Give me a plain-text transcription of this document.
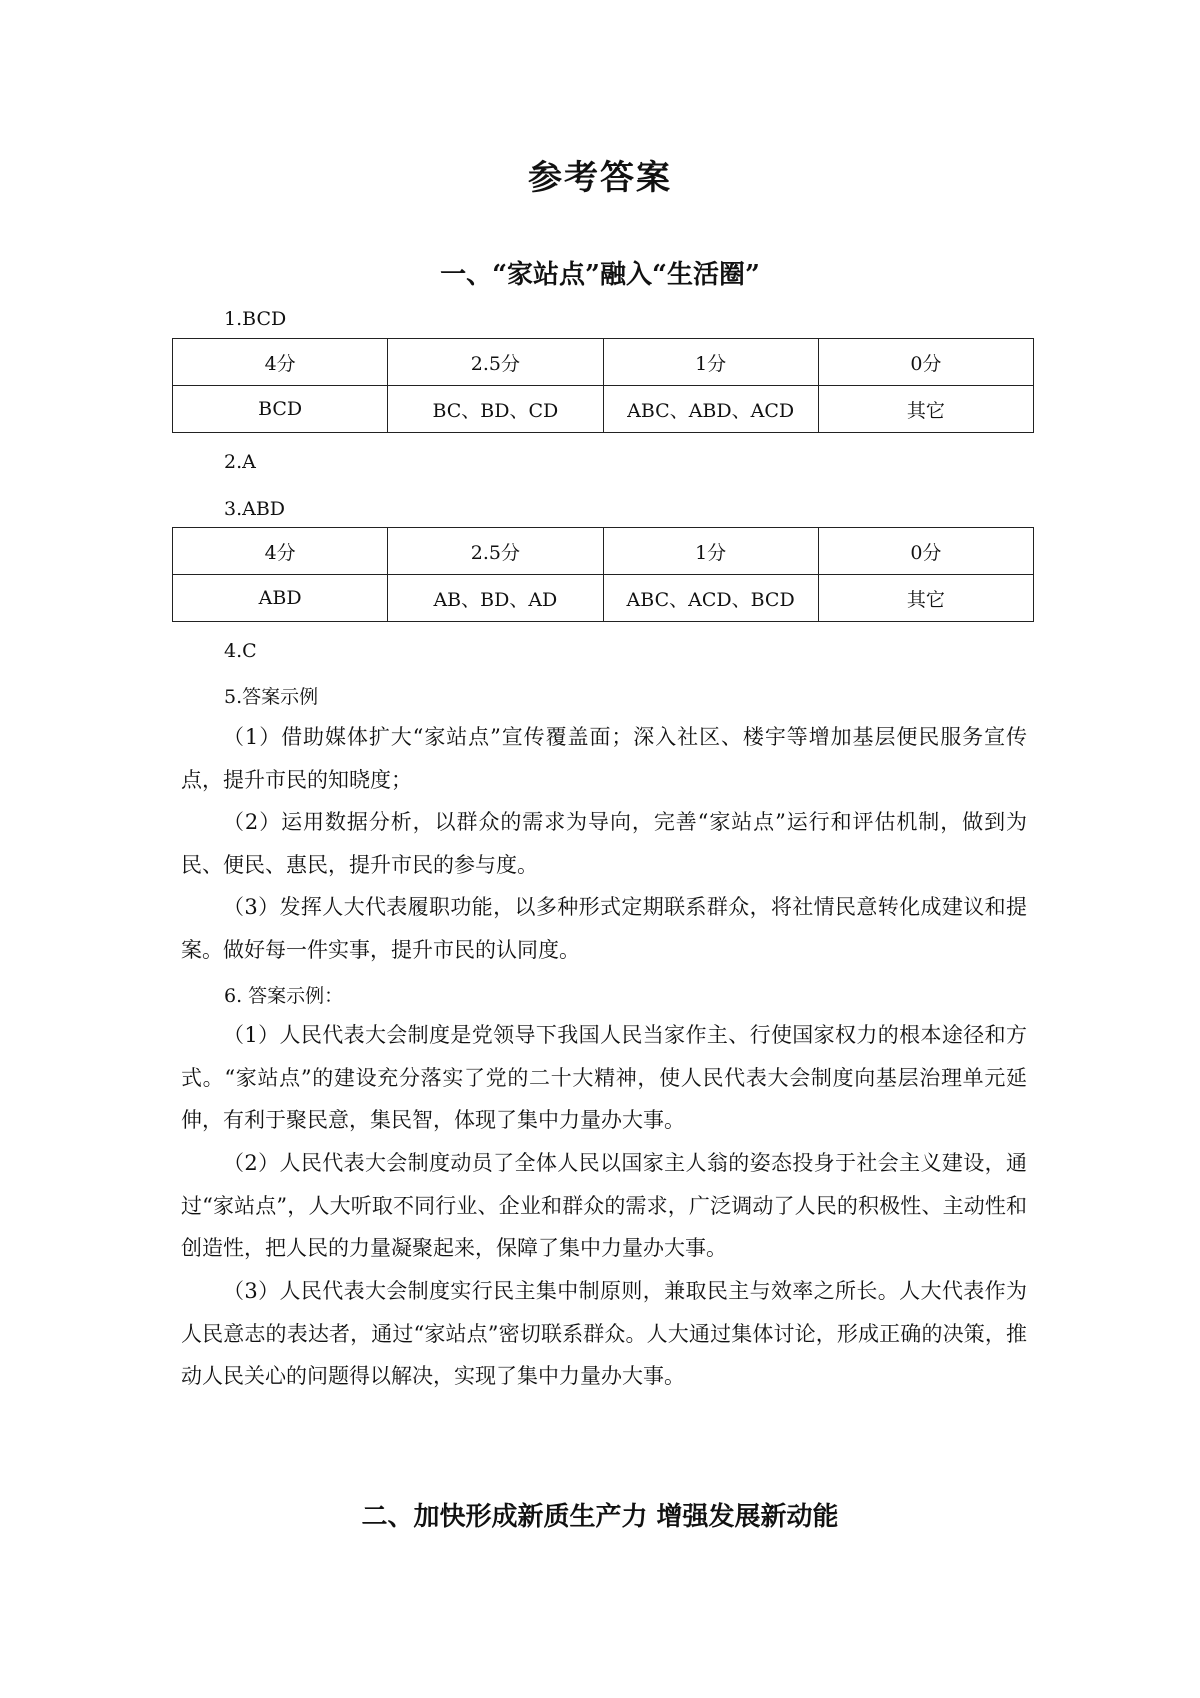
参考答案
一、“家站点”融入“生活圈”
1.BCD
4分	2.5分	1分	0分
BCD	BC、BD、CD	ABC、ABD、ACD	其它
2.A
3.ABD
4分	2.5分	1分	0分
ABD	AB、BD、AD	ABC、ACD、BCD	其它
4.C
5.答案示例
（1）借助媒体扩大“家站点”宣传覆盖面；深入社区、楼宇等增加基层便民服务宣传点，提升市民的知晓度；
（2）运用数据分析，以群众的需求为导向，完善“家站点”运行和评估机制，做到为民、便民、惠民，提升市民的参与度。
（3）发挥人大代表履职功能，以多种形式定期联系群众，将社情民意转化成建议和提案。做好每一件实事，提升市民的认同度。
6. 答案示例：
（1）人民代表大会制度是党领导下我国人民当家作主、行使国家权力的根本途径和方式。“家站点”的建设充分落实了党的二十大精神，使人民代表大会制度向基层治理单元延伸，有利于聚民意，集民智，体现了集中力量办大事。
（2）人民代表大会制度动员了全体人民以国家主人翁的姿态投身于社会主义建设，通过“家站点”，人大听取不同行业、企业和群众的需求，广泛调动了人民的积极性、主动性和创造性，把人民的力量凝聚起来，保障了集中力量办大事。
（3）人民代表大会制度实行民主集中制原则，兼取民主与效率之所长。人大代表作为人民意志的表达者，通过“家站点”密切联系群众。人大通过集体讨论，形成正确的决策，推动人民关心的问题得以解决，实现了集中力量办大事。
二、加快形成新质生产力 增强发展新动能
